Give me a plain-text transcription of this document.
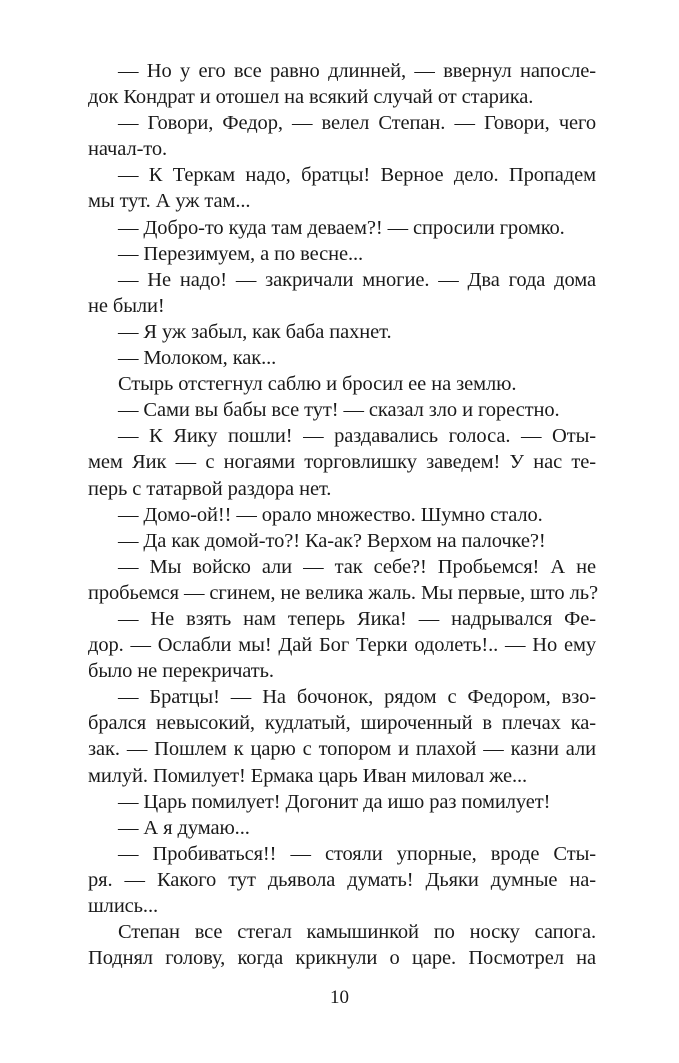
— Но у его все равно длинней, — ввернул напосле-
док Кондрат и отошел на всякий случай от старика.
— Говори, Федор, — велел Степан. — Говори, чего
начал-то.
— К Теркам надо, братцы! Верное дело. Пропадем
мы тут. А уж там...
— Добро-то куда там деваем?! — спросили громко.
— Перезимуем, а по весне...
— Не надо! — закричали многие. — Два года дома
не были!
— Я уж забыл, как баба пахнет.
— Молоком, как...
Стырь отстегнул саблю и бросил ее на землю.
— Сами вы бабы все тут! — сказал зло и горестно.
— К Яику пошли! — раздавались голоса. — Оты-
мем Яик — с ногаями торговлишку заведем! У нас те-
перь с татарвой раздора нет.
— Домо-ой!! — орало множество. Шумно стало.
— Да как домой-то?! Ка-ак? Верхом на палочке?!
— Мы войско али — так себе?! Пробьемся! А не
пробьемся — сгинем, не велика жаль. Мы первые, што ль?
— Не взять нам теперь Яика! — надрывался Фе-
дор. — Ослабли мы! Дай Бог Терки одолеть!.. — Но ему
было не перекричать.
— Братцы! — На бочонок, рядом с Федором, взо-
брался невысокий, кудлатый, широченный в плечах ка-
зак. — Пошлем к царю с топором и плахой — казни али
милуй. Помилует! Ермака царь Иван миловал же...
— Царь помилует! Догонит да ишо раз помилует!
— А я думаю...
— Пробиваться!! — стояли упорные, вроде Сты-
ря. — Какого тут дьявола думать! Дьяки думные на-
шлись...
Степан все стегал камышинкой по носку сапога.
Поднял голову, когда крикнули о царе. Посмотрел на
10
